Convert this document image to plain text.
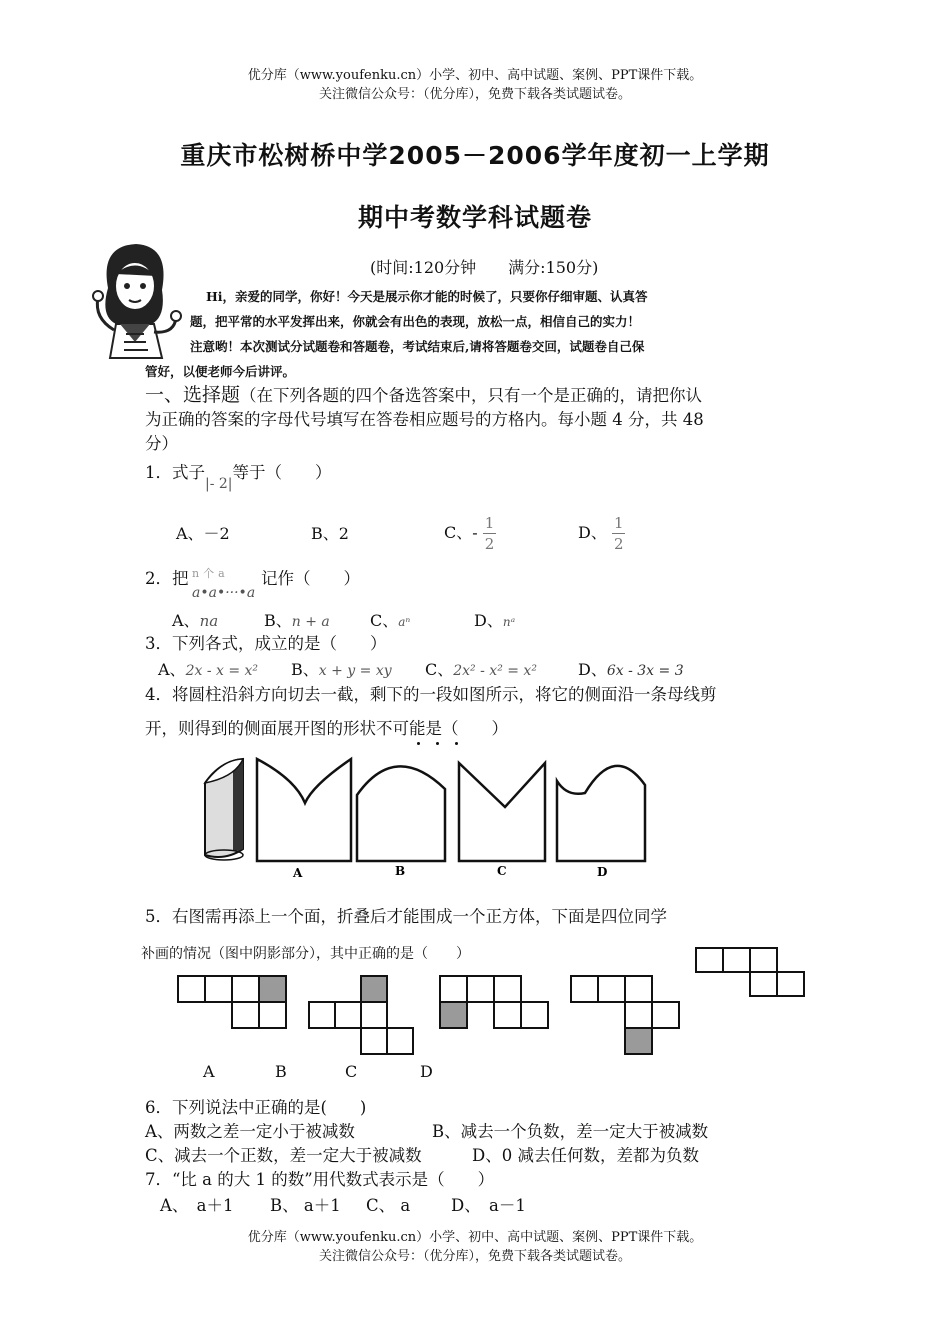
优分库（www.youfenku.cn）小学、初中、高中试题、案例、PPT课件下载。
关注微信公众号：（优分库），免费下载各类试题试卷。
重庆市松树桥中学2005－2006学年度初一上学期
期中考数学科试题卷
(时间:120分钟　　满分:150分)
Hi，亲爱的同学，你好！今天是展示你才能的时候了，只要你仔细审题、认真答
题，把平常的水平发挥出来，你就会有出色的表现，放松一点，相信自己的实力！
注意哟！本次测试分试题卷和答题卷，考试结束后,请将答题卷交回，试题卷自己保
管好，以便老师今后讲评。
一、选择题（在下列各题的四个备选答案中，只有一个是正确的，请把你认
为正确的答案的字母代号填写在答卷相应题号的方格内。每小题 4 分，共 48
分）
1．式子$_{|- 2|}$等于（　　）
A、－2	B、2	C、- $\frac{1}{2}$	D、 $\frac{1}{2}$
2．把 n个a
a•a•···•a
记作（　　）
A、na	B、n + a	C、aⁿ	D、nᵃ
3．下列各式，成立的是（　　）
A、2x - x = x² B、x + y = xy C、2x² - x² = x²	D、6x - 3x = 3
4．将圆柱沿斜方向切去一截，剩下的一段如图所示，将它的侧面沿一条母线剪
开，则得到的侧面展开图的形状不可能是（　　）
A	B	C	D
5．右图需再添上一个面，折叠后才能围成一个正方体，下面是四位同学
补画的情况（图中阴影部分），其中正确的是（　　）
A	B	C	D
6．下列说法中正确的是(　　)
A、两数之差一定小于被减数	B、减去一个负数，差一定大于被减数
C、减去一个正数，差一定大于被减数	D、0 减去任何数，差都为负数
7．“比 a 的大 1 的数”用代数式表示是（　　）
A、　a＋1 B、 a＋1 C、 a D、　a－1
优分库（www.youfenku.cn）小学、初中、高中试题、案例、PPT课件下载。
关注微信公众号：（优分库），免费下载各类试题试卷。
